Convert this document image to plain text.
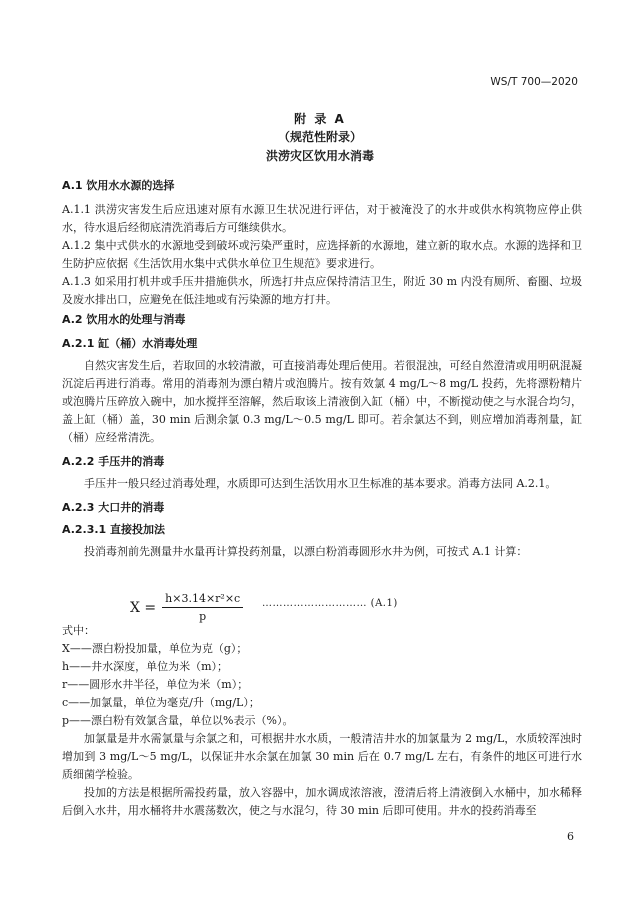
WS/T 700—2020
附 录 A
（规范性附录）
洪涝灾区饮用水消毒
A.1 饮用水水源的选择
A.1.1 洪涝灾害发生后应迅速对原有水源卫生状况进行评估，对于被淹没了的水井或供水构筑物应停止供水，待水退后经彻底清洗消毒后方可继续供水。
A.1.2 集中式供水的水源地受到破坏或污染严重时，应选择新的水源地，建立新的取水点。水源的选择和卫生防护应依据《生活饮用水集中式供水单位卫生规范》要求进行。
A.1.3 如采用打机井或手压井措施供水，所选打井点应保持清洁卫生，附近 30 m 内没有厕所、畜圈、垃圾及废水排出口，应避免在低洼地或有污染源的地方打井。
A.2 饮用水的处理与消毒
A.2.1 缸（桶）水消毒处理
自然灾害发生后，若取回的水较清澈，可直接消毒处理后使用。若很混浊，可经自然澄清或用明矾混凝沉淀后再进行消毒。常用的消毒剂为漂白精片或泡腾片。按有效氯 4 mg/L～8 mg/L 投药，先将漂粉精片或泡腾片压碎放入碗中，加水搅拌至溶解，然后取该上清液倒入缸（桶）中，不断搅动使之与水混合均匀，盖上缸（桶）盖，30 min 后测余氯 0.3 mg/L～0.5 mg/L 即可。若余氯达不到，则应增加消毒剂量，缸（桶）应经常清洗。
A.2.2 手压井的消毒
手压井一般只经过消毒处理，水质即可达到生活饮用水卫生标准的基本要求。消毒方法同 A.2.1。
A.2.3 大口井的消毒
A.2.3.1 直接投加法
投消毒剂前先测量井水量再计算投药剂量，以漂白粉消毒圆形水井为例，可按式 A.1 计算：
$X = \frac{\text{h×3.14×r²×c}}{p}$ ………………………… (A.1)
式中：
X——漂白粉投加量，单位为克（g）；
h——井水深度，单位为米（m）；
r——圆形水井半径，单位为米（m）；
c——加氯量，单位为毫克/升（mg/L）；
p——漂白粉有效氯含量，单位以%表示（%）。
加氯量是井水需氯量与余氯之和，可根据井水水质，一般清洁井水的加氯量为 2 mg/L，水质较浑浊时增加到 3 mg/L～5 mg/L，以保证井水余氯在加氯 30 min 后在 0.7 mg/L 左右，有条件的地区可进行水质细菌学检验。
投加的方法是根据所需投药量，放入容器中，加水调成浓溶液，澄清后将上清液倒入水桶中，加水稀释后倒入水井，用水桶将井水震荡数次，使之与水混匀，待 30 min 后即可使用。井水的投药消毒至
6
